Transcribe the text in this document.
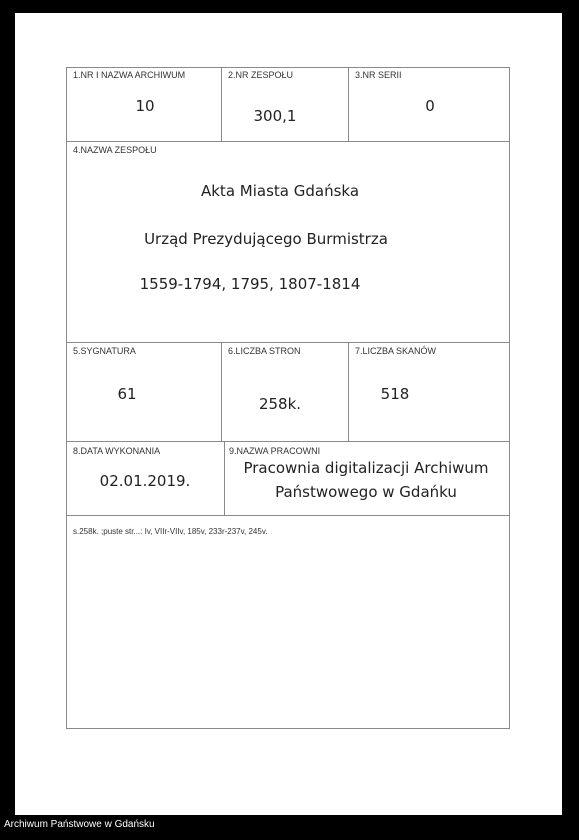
1.NR I NAZWA ARCHIWUM
10
2.NR ZESPOŁU
300,1
3.NR SERII
0
4.NAZWA ZESPOŁU
Akta Miasta Gdańska
Urząd Prezydującego Burmistrza
1559-1794, 1795, 1807-1814
5.SYGNATURA
61
6.LICZBA STRON
258k.
7.LICZBA SKANÓW
518
8.DATA WYKONANIA
02.01.2019.
9.NAZWA PRACOWNI
Pracownia digitalizacji Archiwum
Państwowego w Gdańku
s.258k. ;puste str...: Iv, VIIr-VIIv, 185v, 233r-237v, 245v.
Archiwum Państwowe w Gdańsku
